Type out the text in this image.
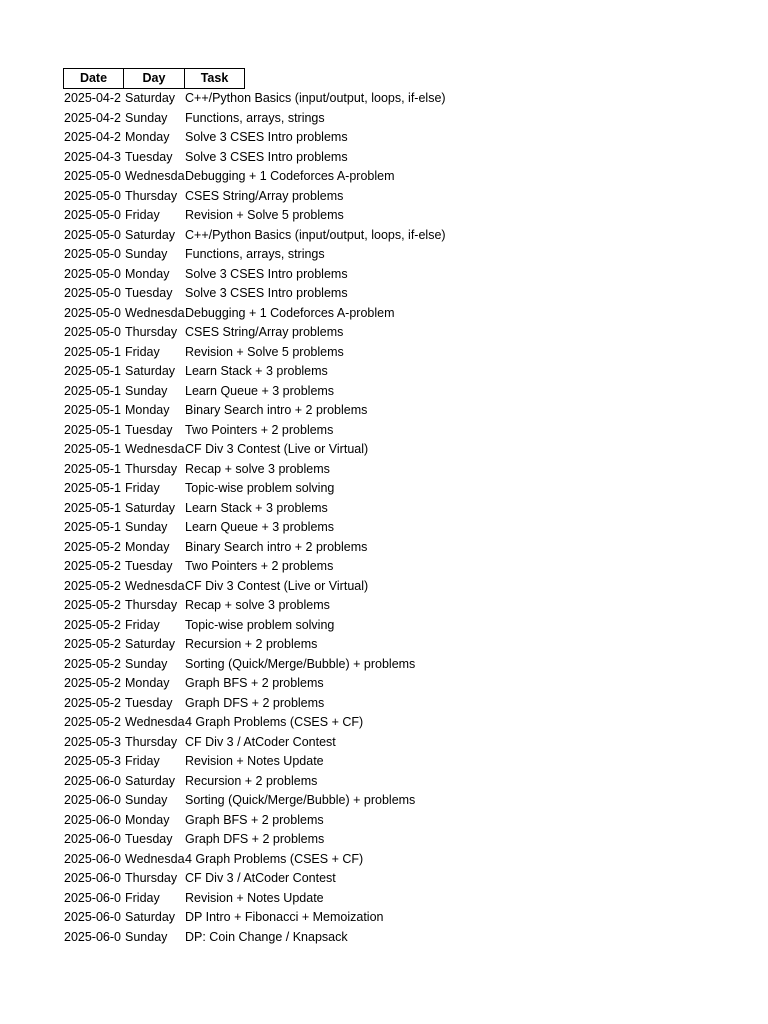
Date	Day	Task
2025-04-2 Saturday C++/Python Basics (input/output, loops, if-else)
2025-04-2 Sunday	Functions, arrays, strings
2025-04-2 Monday	Solve 3 CSES Intro problems
2025-04-3 Tuesday	Solve 3 CSES Intro problems
2025-05-0 Wednesda Debugging + 1 Codeforces A-problem
2025-05-0 Thursday CSES String/Array problems
2025-05-0 Friday	Revision + Solve 5 problems
2025-05-0 Saturday C++/Python Basics (input/output, loops, if-else)
2025-05-0 Sunday	Functions, arrays, strings
2025-05-0 Monday	Solve 3 CSES Intro problems
2025-05-0 Tuesday	Solve 3 CSES Intro problems
2025-05-0 Wednesda Debugging + 1 Codeforces A-problem
2025-05-0 Thursday CSES String/Array problems
2025-05-1 Friday	Revision + Solve 5 problems
2025-05-1 Saturday Learn Stack + 3 problems
2025-05-1 Sunday	Learn Queue + 3 problems
2025-05-1 Monday	Binary Search intro + 2 problems
2025-05-1 Tuesday	Two Pointers + 2 problems
2025-05-1 Wednesda CF Div 3 Contest (Live or Virtual)
2025-05-1 Thursday Recap + solve 3 problems
2025-05-1 Friday	Topic-wise problem solving
2025-05-1 Saturday Learn Stack + 3 problems
2025-05-1 Sunday	Learn Queue + 3 problems
2025-05-2 Monday	Binary Search intro + 2 problems
2025-05-2 Tuesday	Two Pointers + 2 problems
2025-05-2 Wednesda CF Div 3 Contest (Live or Virtual)
2025-05-2 Thursday Recap + solve 3 problems
2025-05-2 Friday	Topic-wise problem solving
2025-05-2 Saturday Recursion + 2 problems
2025-05-2 Sunday	Sorting (Quick/Merge/Bubble) + problems
2025-05-2 Monday	Graph BFS + 2 problems
2025-05-2 Tuesday	Graph DFS + 2 problems
2025-05-2 Wednesda 4 Graph Problems (CSES + CF)
2025-05-3 Thursday CF Div 3 / AtCoder Contest
2025-05-3 Friday	Revision + Notes Update
2025-06-0 Saturday Recursion + 2 problems
2025-06-0 Sunday	Sorting (Quick/Merge/Bubble) + problems
2025-06-0 Monday	Graph BFS + 2 problems
2025-06-0 Tuesday	Graph DFS + 2 problems
2025-06-0 Wednesda 4 Graph Problems (CSES + CF)
2025-06-0 Thursday CF Div 3 / AtCoder Contest
2025-06-0 Friday	Revision + Notes Update
2025-06-0 Saturday DP Intro + Fibonacci + Memoization
2025-06-0 Sunday	DP: Coin Change / Knapsack
